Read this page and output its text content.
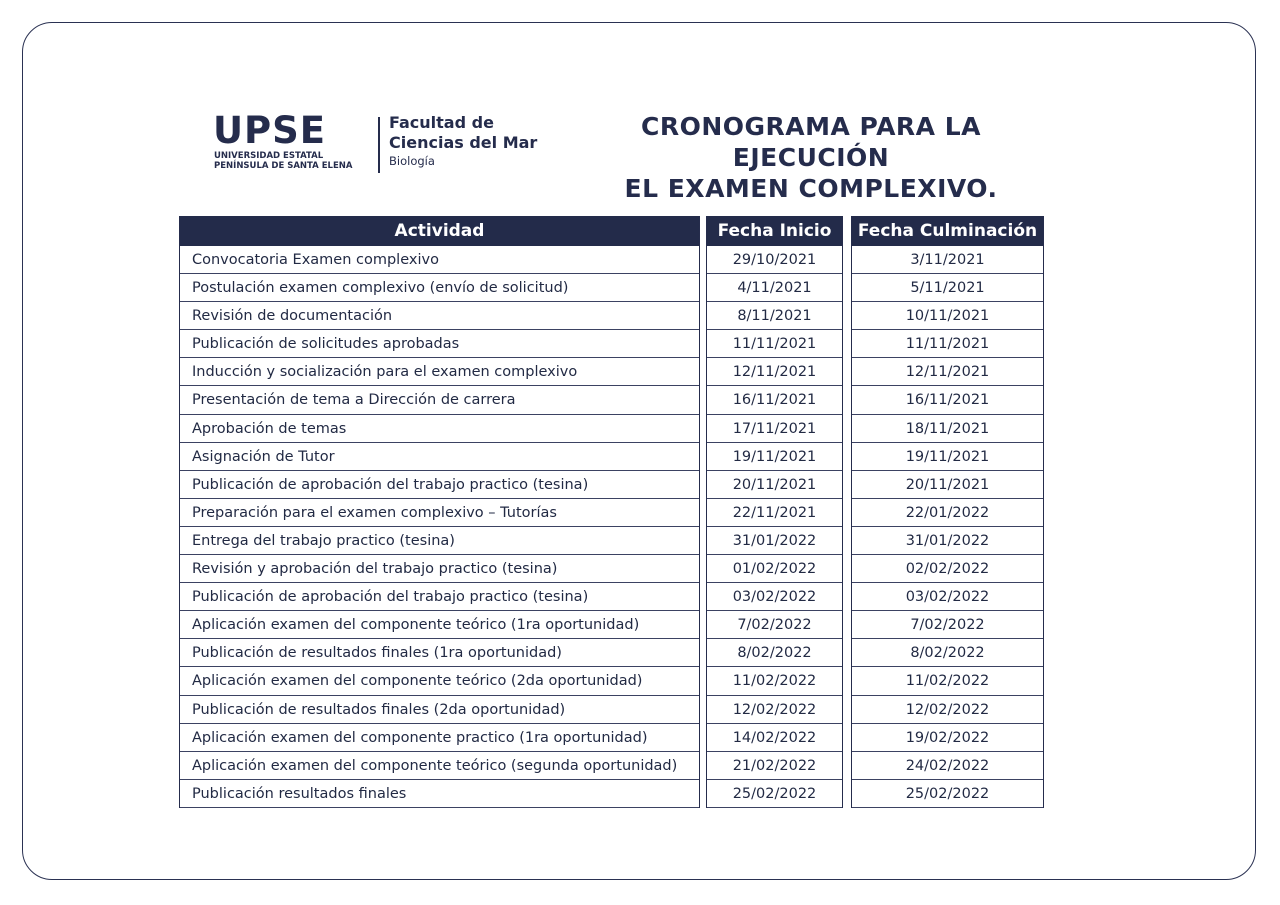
UPSE
UNIVERSIDAD ESTATAL
PENÍNSULA DE SANTA ELENA
Facultad de
Ciencias del Mar
Biología
CRONOGRAMA PARA LA EJECUCIÓN
EL EXAMEN COMPLEXIVO.
Actividad
Convocatoria Examen complexivo
Postulación examen complexivo (envío de solicitud)
Revisión de documentación
Publicación de solicitudes aprobadas
Inducción y socialización para el examen complexivo
Presentación de tema a Dirección de carrera
Aprobación de temas
Asignación de Tutor
Publicación de aprobación del trabajo practico (tesina)
Preparación para el examen complexivo – Tutorías
Entrega del trabajo practico (tesina)
Revisión y aprobación del trabajo practico (tesina)
Publicación de aprobación del trabajo practico (tesina)
Aplicación examen del componente teórico (1ra oportunidad)
Publicación de resultados finales (1ra oportunidad)
Aplicación examen del componente teórico (2da oportunidad)
Publicación de resultados finales (2da oportunidad)
Aplicación examen del componente practico (1ra oportunidad)
Aplicación examen del componente teórico (segunda oportunidad)
Publicación resultados finales
Fecha Inicio
29/10/2021
4/11/2021
8/11/2021
11/11/2021
12/11/2021
16/11/2021
17/11/2021
19/11/2021
20/11/2021
22/11/2021
31/01/2022
01/02/2022
03/02/2022
7/02/2022
8/02/2022
11/02/2022
12/02/2022
14/02/2022
21/02/2022
25/02/2022
Fecha Culminación
3/11/2021
5/11/2021
10/11/2021
11/11/2021
12/11/2021
16/11/2021
18/11/2021
19/11/2021
20/11/2021
22/01/2022
31/01/2022
02/02/2022
03/02/2022
7/02/2022
8/02/2022
11/02/2022
12/02/2022
19/02/2022
24/02/2022
25/02/2022
